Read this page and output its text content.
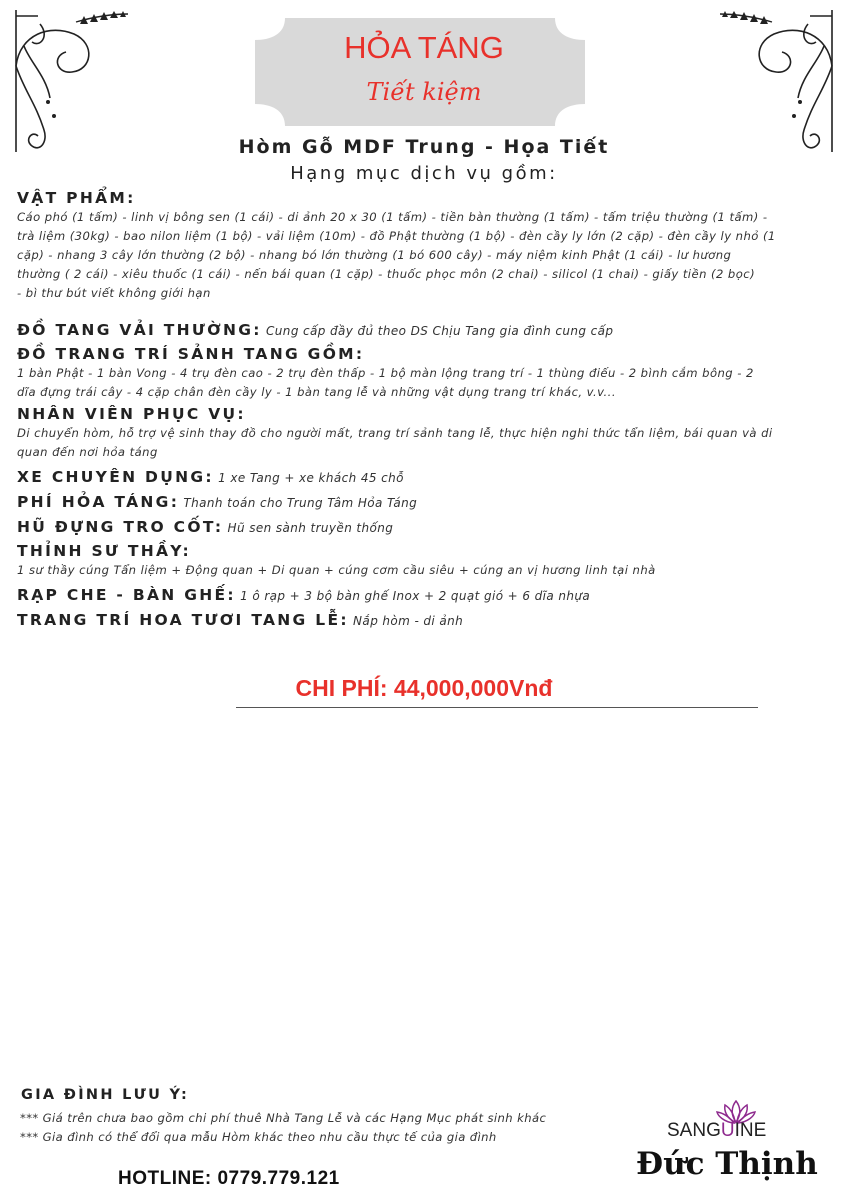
HỎA TÁNG
Tiết kiệm
Hòm Gỗ MDF Trung - Họa Tiết
Hạng mục dịch vụ gồm:
VẬT PHẨM:

Cáo phó (1 tấm) - linh vị bông sen (1 cái) - di ảnh 20 x 30 (1 tấm) - tiền bàn thường (1 tấm) - tấm triệu thường (1 tấm) -

trà liệm (30kg) - bao nilon liệm (1 bộ) - vải liệm (10m) - đồ Phật thường (1 bộ) - đèn cầy ly lớn (2 cặp) - đèn cầy ly nhỏ (1

cặp) - nhang 3 cây lớn thường (2 bộ) - nhang bó lớn thường (1 bó 600 cây) - máy niệm kinh Phật (1 cái) - lư hương

thường ( 2 cái) - xiêu thuốc (1 cái) - nến bái quan (1 cặp) - thuốc phọc môn (2 chai) - silicol (1 chai) - giấy tiền (2 bọc)

- bì thư bút viết không giới hạn

ĐỒ TANG VẢI THƯỜNG: Cung cấp đầy đủ theo DS Chịu Tang gia đình cung cấp
ĐỒ TRANG TRÍ SẢNH TANG GỒM:

1 bàn Phật - 1 bàn Vong - 4 trụ đèn cao - 2 trụ đèn thấp - 1 bộ màn lộng trang trí - 1 thùng điếu - 2 bình cắm bông - 2

dĩa đựng trái cây - 4 cặp chân đèn cầy ly - 1 bàn tang lễ và những vật dụng trang trí khác, v.v...

NHÂN VIÊN PHỤC VỤ:

Di chuyển hòm, hỗ trợ vệ sinh thay đồ cho người mất, trang trí sảnh tang lễ, thực hiện nghi thức tẩn liệm, bái quan và di

quan đến nơi hỏa táng

XE CHUYÊN DỤNG: 1 xe Tang + xe khách 45 chỗ
PHÍ HỎA TÁNG: Thanh toán cho Trung Tâm Hỏa Táng
HŨ ĐỰNG TRO CỐT: Hũ sen sành truyền thống
THỈNH SƯ THẦY:

1 sư thầy cúng Tẩn liệm + Động quan + Di quan + cúng cơm cầu siêu + cúng an vị hương linh tại nhà

RẠP CHE - BÀN GHẾ: 1 ô rạp + 3 bộ bàn ghế Inox + 2 quạt gió + 6 dĩa nhựa
TRANG TRÍ HOA TƯƠI TANG LỄ: Nắp hòm - di ảnh
CHI PHÍ: 44,000,000Vnđ
GIA ĐÌNH LƯU Ý:
*** Giá trên chưa bao gồm chi phí thuê Nhà Tang Lễ và các Hạng Mục phát sinh khác
*** Gia đình có thể đổi qua mẫu Hòm khác theo nhu cầu thực tế của gia đình
HOTLINE: 0779.779.121
SANGUINE
Đức Thịnh
